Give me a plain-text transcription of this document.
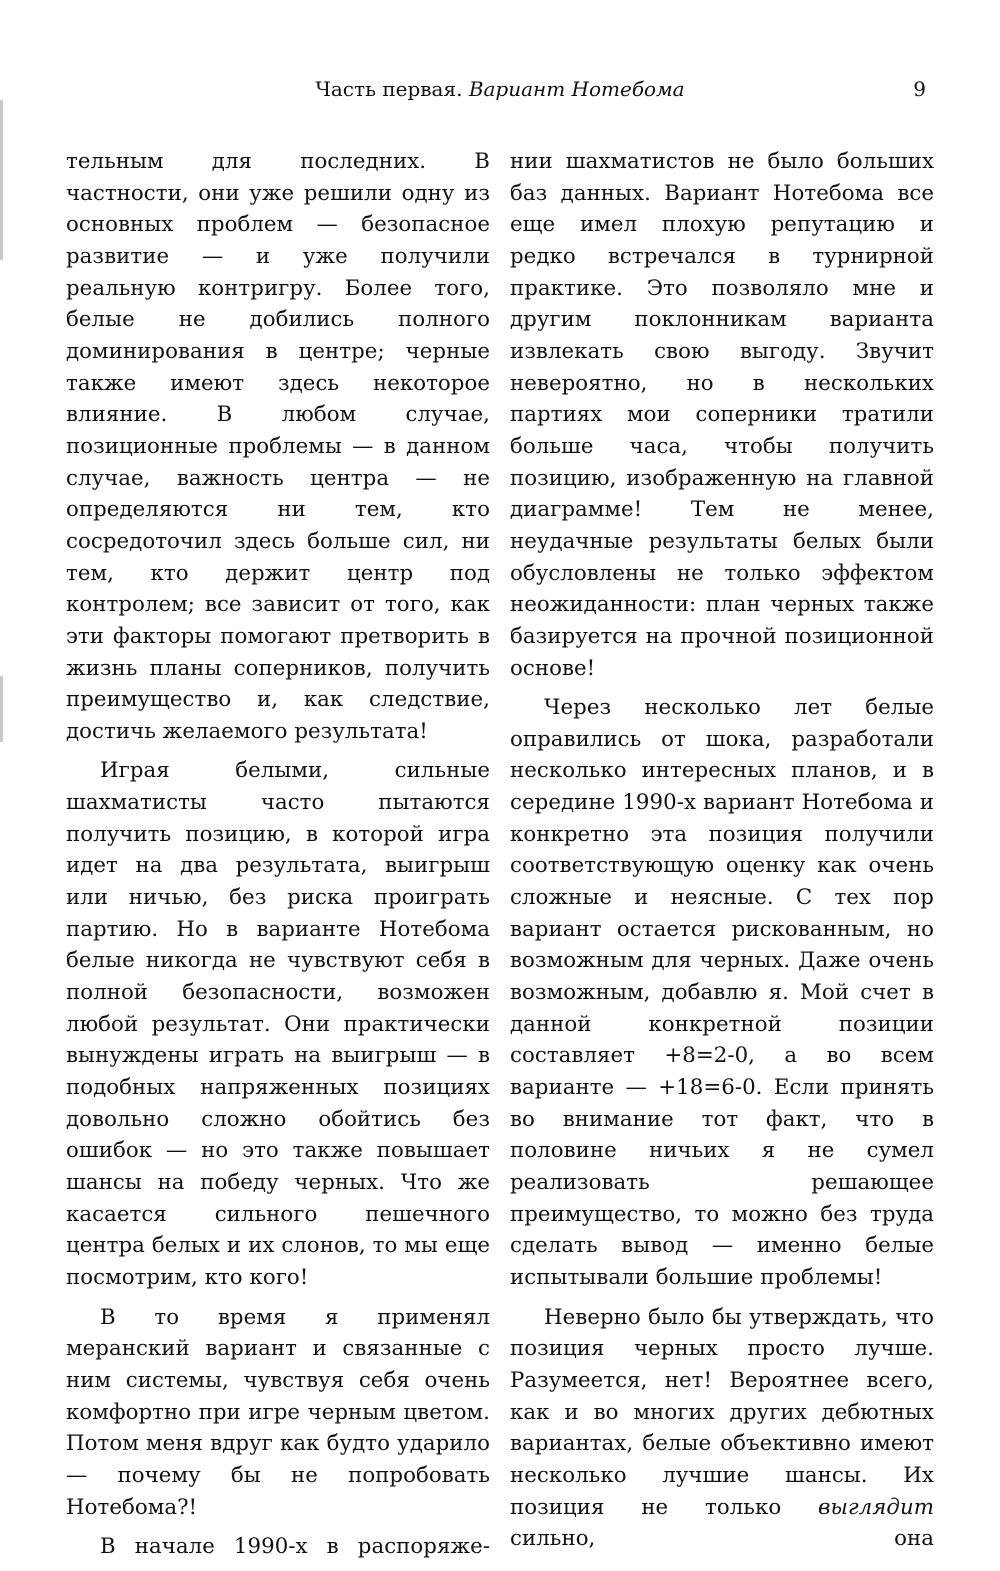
Часть первая. Вариант Нотебома	9

тельным для последних. В частности, они уже решили одну из основных проблем — безопасное развитие — и уже получили реальную контригру. Более того, белые не добились полного доминирования в центре; черные также имеют здесь некоторое влияние. В любом случае, позиционные проблемы — в данном случае, важность центра — не определяются ни тем, кто сосредоточил здесь больше сил, ни тем, кто держит центр под контролем; все зависит от того, как эти факторы помогают претворить в жизнь планы соперников, получить преимущество и, как следствие, достичь желаемого результата!

Играя белыми, сильные шахматисты часто пытаются получить позицию, в которой игра идет на два результата, выигрыш или ничью, без риска проиграть партию. Но в варианте Нотебома белые никогда не чувствуют себя в полной безопасности, возможен любой результат. Они практически вынуждены играть на выигрыш — в подобных напряженных позициях довольно сложно обойтись без ошибок — но это также повышает шансы на победу черных. Что же касается сильного пешечного центра белых и их слонов, то мы еще посмотрим, кто кого!

В то время я применял меранский вариант и связанные с ним системы, чувствуя себя очень комфортно при игре черным цветом. Потом меня вдруг как будто ударило — почему бы не попробовать Нотебома?!

В начале 1990-х в распоряже-

нии шахматистов не было больших баз данных. Вариант Нотебома все еще имел плохую репутацию и редко встречался в турнирной практике. Это позволяло мне и другим поклонникам варианта извлекать свою выгоду. Звучит невероятно, но в нескольких партиях мои соперники тратили больше часа, чтобы получить позицию, изображенную на главной диаграмме! Тем не менее, неудачные результаты белых были обусловлены не только эффектом неожиданности: план черных также базируется на прочной позиционной основе!

Через несколько лет белые оправились от шока, разработали несколько интересных планов, и в середине 1990-х вариант Нотебома и конкретно эта позиция получили соответствующую оценку как очень сложные и неясные. С тех пор вариант остается рискованным, но возможным для черных. Даже очень возможным, добавлю я. Мой счет в данной конкретной позиции составляет +8=2-0, а во всем варианте — +18=6-0. Если принять во внимание тот факт, что в половине ничьих я не сумел реализовать решающее преимущество, то можно без труда сделать вывод — именно белые испытывали большие проблемы!

Неверно было бы утверждать, что позиция черных просто лучше. Разумеется, нет! Вероятнее всего, как и во многих других дебютных вариантах, белые объективно имеют несколько лучшие шансы. Их позиция не только выглядит сильно, она
